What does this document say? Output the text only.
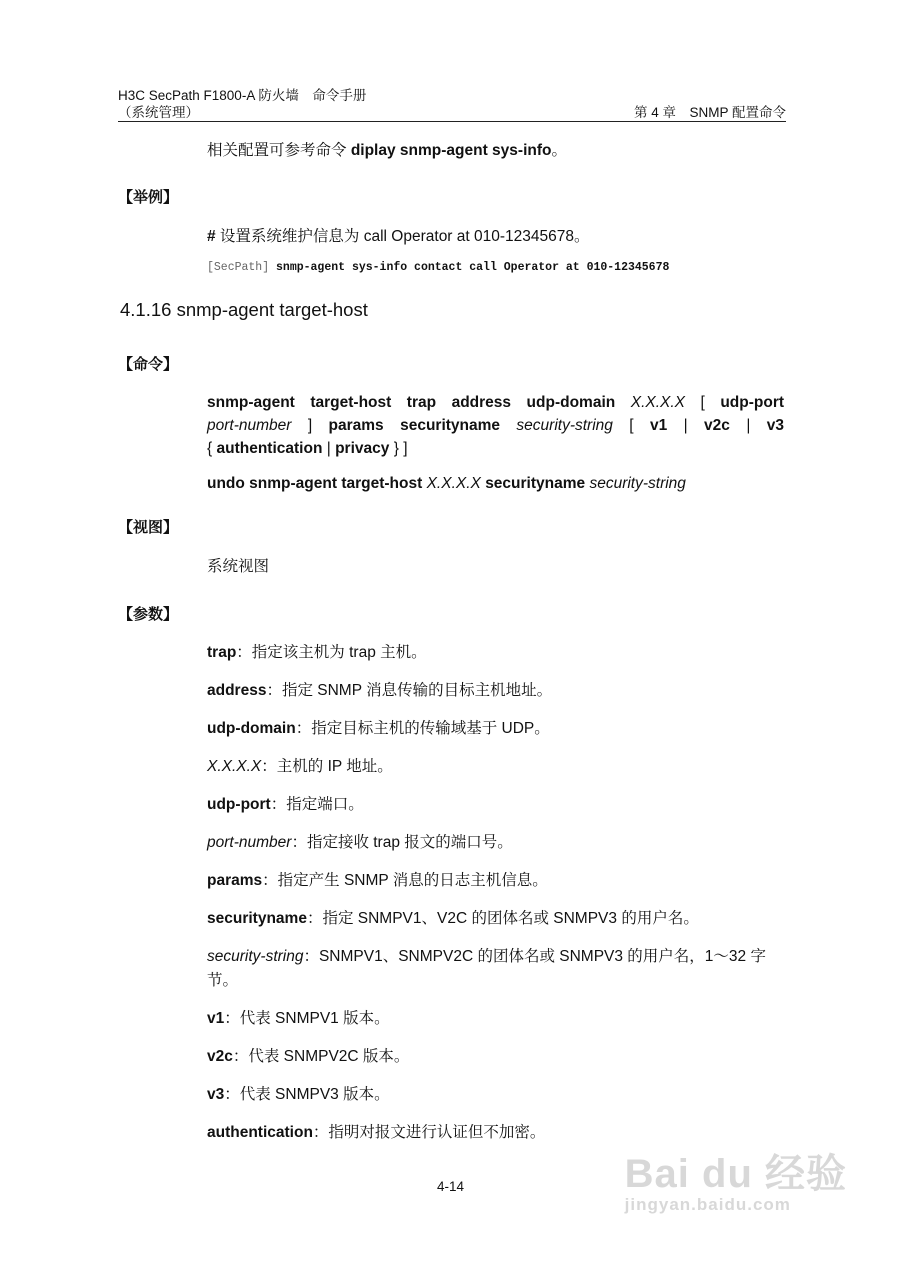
H3C SecPath F1800-A 防火墙　命令手册
（系统管理）	第 4 章　SNMP 配置命令
相关配置可参考命令 diplay snmp-agent sys-info。
【举例】
# 设置系统维护信息为 call Operator at 010-12345678。
[SecPath] snmp-agent sys-info contact call Operator at 010-12345678
4.1.16 snmp-agent target-host
【命令】
snmp-agent target-host trap address udp-domain X.X.X.X [ udp-port
port-number ] params securityname security-string [ v1 | v2c | v3
{ authentication | privacy } ]
undo snmp-agent target-host X.X.X.X securityname security-string
【视图】
系统视图
【参数】
trap：指定该主机为 trap 主机。
address：指定 SNMP 消息传输的目标主机地址。
udp-domain：指定目标主机的传输域基于 UDP。
X.X.X.X：主机的 IP 地址。
udp-port：指定端口。
port-number：指定接收 trap 报文的端口号。
params：指定产生 SNMP 消息的日志主机信息。
securityname：指定 SNMPV1、V2C 的团体名或 SNMPV3 的用户名。
security-string：SNMPV1、SNMPV2C 的团体名或 SNMPV3 的用户名，1～32 字
节。
v1：代表 SNMPV1 版本。
v2c：代表 SNMPV2C 版本。
v3：代表 SNMPV3 版本。
authentication：指明对报文进行认证但不加密。
4-14	Bai du 经验
jingyan.baidu.com
